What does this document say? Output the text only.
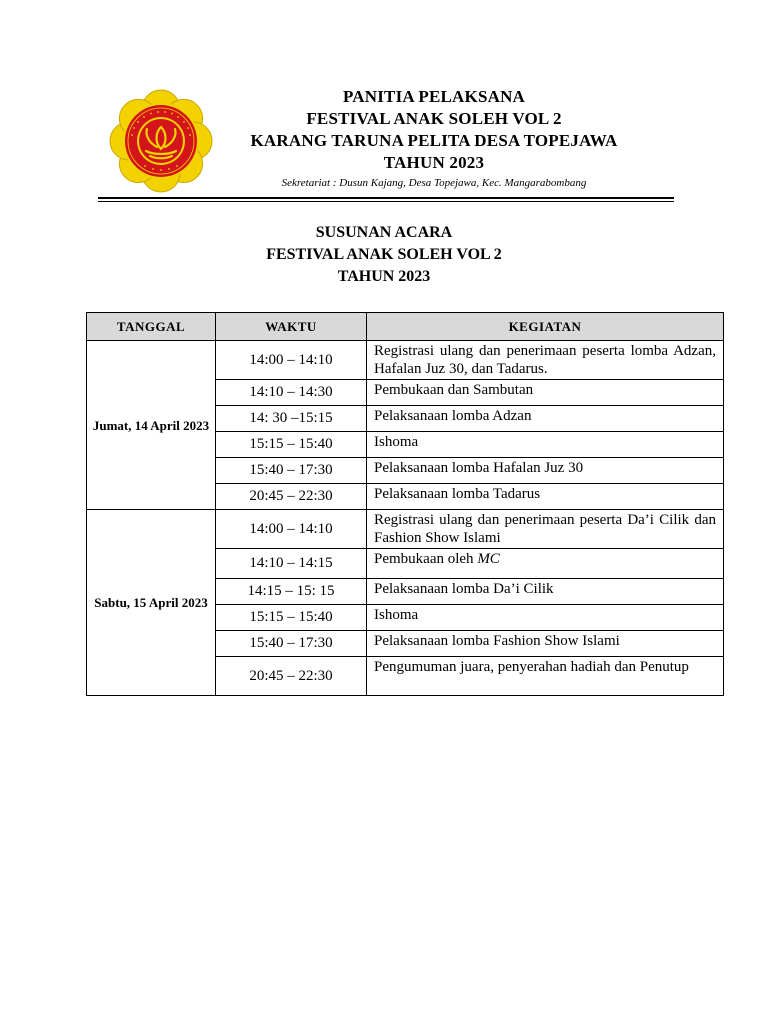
PANITIA PELAKSANA
FESTIVAL ANAK SOLEH VOL 2
KARANG TARUNA PELITA DESA TOPEJAWA
TAHUN 2023
Sekretariat : Dusun Kajang, Desa Topejawa, Kec. Mangarabombang
SUSUNAN ACARA
FESTIVAL ANAK SOLEH VOL 2
TAHUN 2023
TANGGAL	WAKTU	KEGIATAN
Jumat, 14 April 2023	14:00 – 14:10	Registrasi ulang dan penerimaan peserta lomba Adzan, Hafalan Juz 30, dan Tadarus.
	14:10 – 14:30	Pembukaan dan Sambutan
	14: 30 –15:15	Pelaksanaan lomba Adzan
	15:15 – 15:40	Ishoma
	15:40 – 17:30	Pelaksanaan lomba Hafalan Juz 30
	20:45 – 22:30	Pelaksanaan lomba Tadarus
Sabtu, 15 April 2023	14:00 – 14:10	Registrasi ulang dan penerimaan peserta Da’i Cilik dan Fashion Show Islami
	14:10 – 14:15	Pembukaan oleh MC
	14:15 – 15: 15	Pelaksanaan lomba Da’i Cilik
	15:15 – 15:40	Ishoma
	15:40 – 17:30	Pelaksanaan lomba Fashion Show Islami
	20:45 – 22:30	Pengumuman juara, penyerahan hadiah dan Penutup
